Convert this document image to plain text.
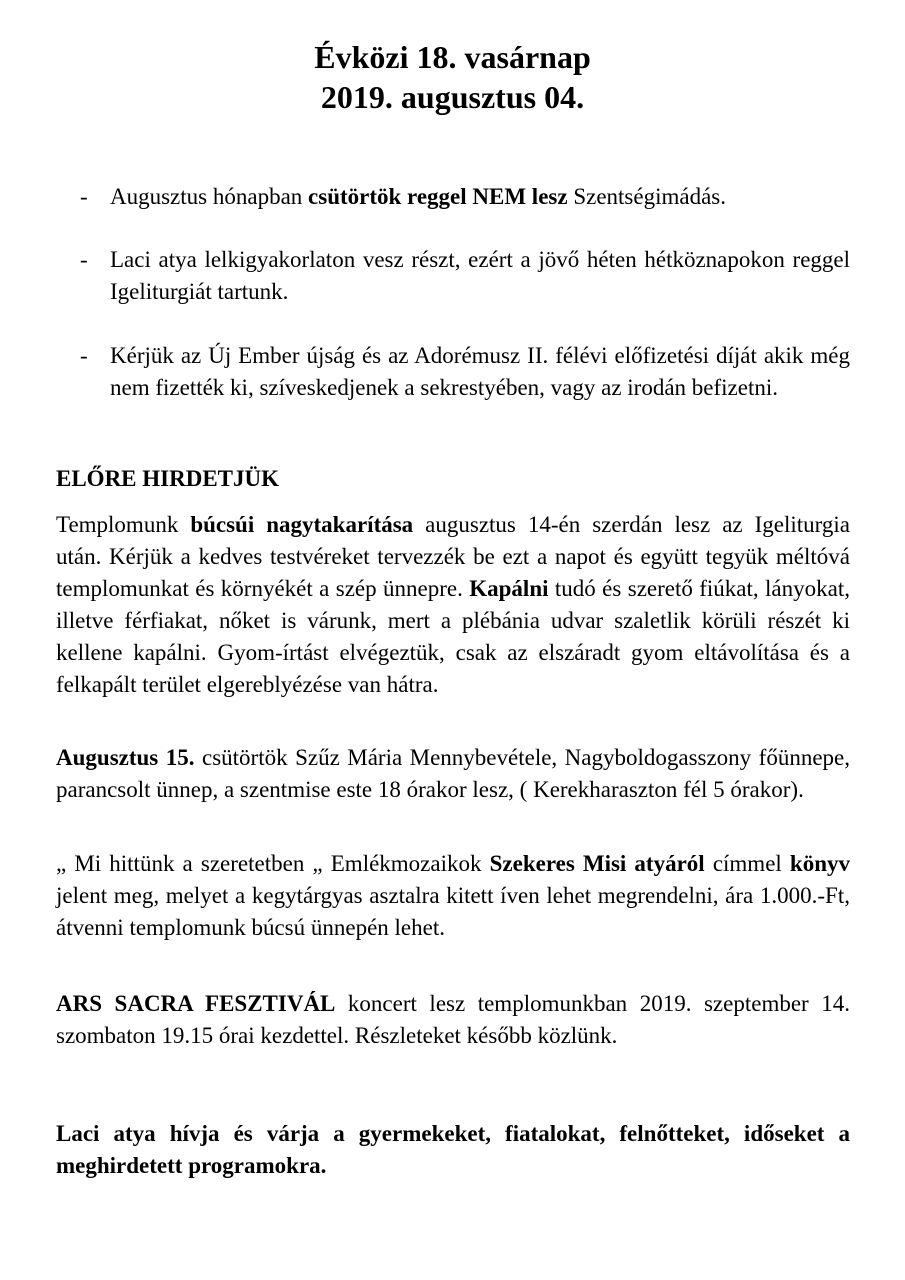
Évközi 18. vasárnap
2019. augusztus 04.
- Augusztus hónapban csütörtök reggel NEM lesz Szentségimádás.
- Laci atya lelkigyakorlaton vesz részt, ezért a jövő héten hétköznapokon reggel Igeliturgiát tartunk.
- Kérjük az Új Ember újság és az Adorémusz II. félévi előfizetési díját akik még nem fizették ki, szíveskedjenek a sekrestyében, vagy az irodán befizetni.
ELŐRE HIRDETJÜK

Templomunk búcsúi nagytakarítása augusztus 14-én szerdán lesz az Igeliturgia után. Kérjük a kedves testvéreket tervezzék be ezt a napot és együtt tegyük méltóvá templomunkat és környékét a szép ünnepre. Kapálni tudó és szerető fiúkat, lányokat, illetve férfiakat, nőket is várunk, mert a plébánia udvar szaletlik körüli részét ki kellene kapálni. Gyom-írtást elvégeztük, csak az elszáradt gyom eltávolítása és a felkapált terület elgereblyézése van hátra.

Augusztus 15. csütörtök Szűz Mária Mennybevétele, Nagyboldogasszony főünnepe, parancsolt ünnep, a szentmise este 18 órakor lesz, ( Kerekharaszton fél 5 órakor).

„ Mi hittünk a szeretetben „ Emlékmozaikok Szekeres Misi atyáról címmel könyv jelent meg, melyet a kegytárgyas asztalra kitett íven lehet megrendelni, ára 1.000.-Ft, átvenni templomunk búcsú ünnepén lehet.

ARS SACRA FESZTIVÁL koncert lesz templomunkban 2019. szeptember 14. szombaton 19.15 órai kezdettel. Részleteket később közlünk.

Laci atya hívja és várja a gyermekeket, fiatalokat, felnőtteket, időseket a meghirdetett programokra.
